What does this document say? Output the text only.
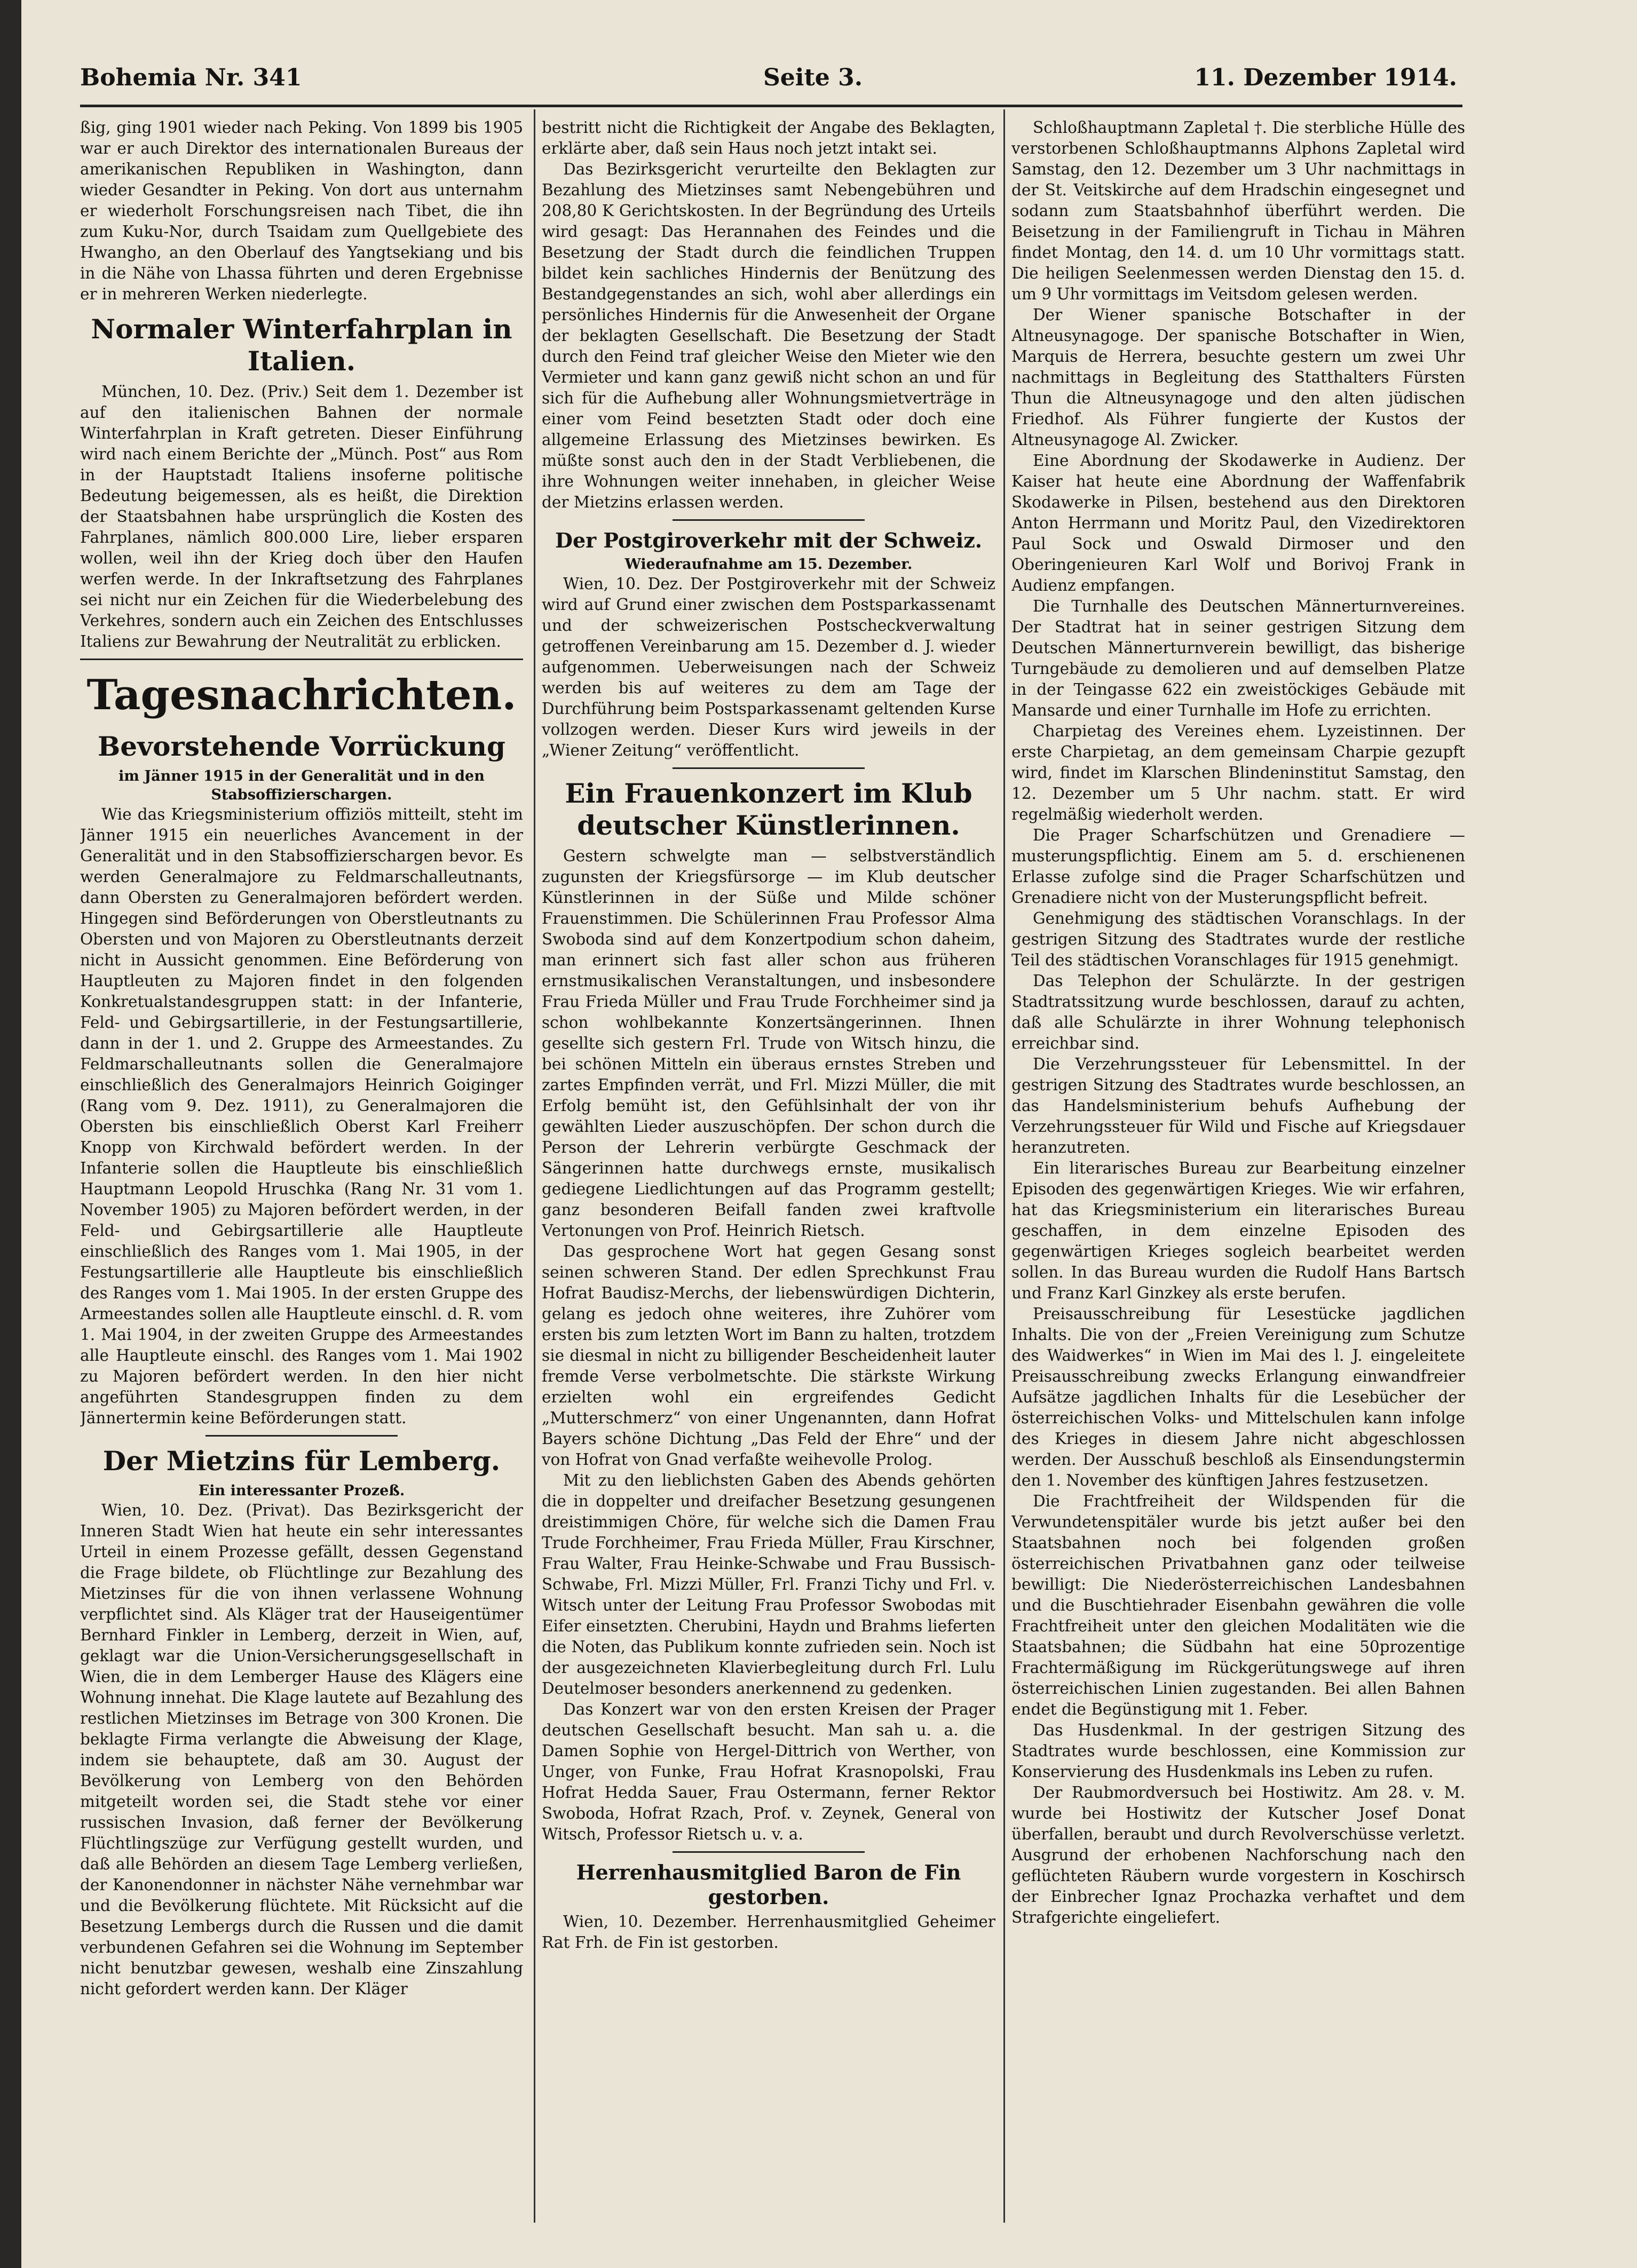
Bohemia Nr. 341	Seite 3.	11. Dezember 1914.

ßig, ging 1901 wieder nach Peking. Von 1899 bis 1905 war er auch Direktor des internationalen Bureaus der amerikanischen Republiken in Washington, dann wieder Gesandter in Peking. Von dort aus unternahm er wiederholt Forschungsreisen nach Tibet, die ihn zum Kuku-Nor, durch Tsaidam zum Quellgebiete des Hwangho, an den Oberlauf des Yangtsekiang und bis in die Nähe von Lhassa führten und deren Ergebnisse er in mehreren Werken niederlegte.

Normaler Winterfahrplan in Italien.

München, 10. Dez. (Priv.) Seit dem 1. Dezember ist auf den italienischen Bahnen der normale Winterfahrplan in Kraft getreten. Dieser Einführung wird nach einem Berichte der „Münch. Post“ aus Rom in der Hauptstadt Italiens insoferne politische Bedeutung beigemessen, als es heißt, die Direktion der Staatsbahnen habe ursprünglich die Kosten des Fahrplanes, nämlich 800.000 Lire, lieber ersparen wollen, weil ihn der Krieg doch über den Haufen werfen werde. In der Inkraftsetzung des Fahrplanes sei nicht nur ein Zeichen für die Wiederbelebung des Verkehres, sondern auch ein Zeichen des Entschlusses Italiens zur Bewahrung der Neutralität zu erblicken.

Tagesnachrichten.
Bevorstehende Vorrückung
im Jänner 1915 in der Generalität und in den Stabsoffizierschargen.

Wie das Kriegsministerium offiziös mitteilt, steht im Jänner 1915 ein neuerliches Avancement in der Generalität und in den Stabsoffizierschargen bevor. Es werden Generalmajore zu Feldmarschalleutnants, dann Obersten zu Generalmajoren befördert werden. Hingegen sind Beförderungen von Oberstleutnants zu Obersten und von Majoren zu Oberstleutnants derzeit nicht in Aussicht genommen. Eine Beförderung von Hauptleuten zu Majoren findet in den folgenden Konkretualstandesgruppen statt: in der Infanterie, Feld- und Gebirgsartillerie, in der Festungsartillerie, dann in der 1. und 2. Gruppe des Armeestandes. Zu Feldmarschalleutnants sollen die Generalmajore einschließlich des Generalmajors Heinrich Goiginger (Rang vom 9. Dez. 1911), zu Generalmajoren die Obersten bis einschließlich Oberst Karl Freiherr Knopp von Kirchwald befördert werden. In der Infanterie sollen die Hauptleute bis einschließlich Hauptmann Leopold Hruschka (Rang Nr. 31 vom 1. November 1905) zu Majoren befördert werden, in der Feld- und Gebirgsartillerie alle Hauptleute einschließlich des Ranges vom 1. Mai 1905, in der Festungsartillerie alle Hauptleute bis einschließlich des Ranges vom 1. Mai 1905. In der ersten Gruppe des Armeestandes sollen alle Hauptleute einschl. d. R. vom 1. Mai 1904, in der zweiten Gruppe des Armeestandes alle Hauptleute einschl. des Ranges vom 1. Mai 1902 zu Majoren befördert werden. In den hier nicht angeführten Standesgruppen finden zu dem Jännertermin keine Beförderungen statt.

Der Mietzins für Lemberg.
Ein interessanter Prozeß.

Wien, 10. Dez. (Privat). Das Bezirksgericht der Inneren Stadt Wien hat heute ein sehr interessantes Urteil in einem Prozesse gefällt, dessen Gegenstand die Frage bildete, ob Flüchtlinge zur Bezahlung des Mietzinses für die von ihnen verlassene Wohnung verpflichtet sind. Als Kläger trat der Hauseigentümer Bernhard Finkler in Lemberg, derzeit in Wien, auf, geklagt war die Union-Versicherungsgesellschaft in Wien, die in dem Lemberger Hause des Klägers eine Wohnung innehat. Die Klage lautete auf Bezahlung des restlichen Mietzinses im Betrage von 300 Kronen. Die beklagte Firma verlangte die Abweisung der Klage, indem sie behauptete, daß am 30. August der Bevölkerung von Lemberg von den Behörden mitgeteilt worden sei, die Stadt stehe vor einer russischen Invasion, daß ferner der Bevölkerung Flüchtlingszüge zur Verfügung gestellt wurden, und daß alle Behörden an diesem Tage Lemberg verließen, der Kanonendonner in nächster Nähe vernehmbar war und die Bevölkerung flüchtete. Mit Rücksicht auf die Besetzung Lembergs durch die Russen und die damit verbundenen Gefahren sei die Wohnung im September nicht benutzbar gewesen, weshalb eine Zinszahlung nicht gefordert werden kann. Der Kläger

bestritt nicht die Richtigkeit der Angabe des Beklagten, erklärte aber, daß sein Haus noch jetzt intakt sei.

Das Bezirksgericht verurteilte den Beklagten zur Bezahlung des Mietzinses samt Nebengebühren und 208,80 K Gerichtskosten. In der Begründung des Urteils wird gesagt: Das Herannahen des Feindes und die Besetzung der Stadt durch die feindlichen Truppen bildet kein sachliches Hindernis der Benützung des Bestandgegenstandes an sich, wohl aber allerdings ein persönliches Hindernis für die Anwesenheit der Organe der beklagten Gesellschaft. Die Besetzung der Stadt durch den Feind traf gleicher Weise den Mieter wie den Vermieter und kann ganz gewiß nicht schon an und für sich für die Aufhebung aller Wohnungsmietverträge in einer vom Feind besetzten Stadt oder doch eine allgemeine Erlassung des Mietzinses bewirken. Es müßte sonst auch den in der Stadt Verbliebenen, die ihre Wohnungen weiter innehaben, in gleicher Weise der Mietzins erlassen werden.

Der Postgiroverkehr mit der Schweiz.
Wiederaufnahme am 15. Dezember.

Wien, 10. Dez. Der Postgiroverkehr mit der Schweiz wird auf Grund einer zwischen dem Postsparkassenamt und der schweizerischen Postscheckverwaltung getroffenen Vereinbarung am 15. Dezember d. J. wieder aufgenommen. Ueberweisungen nach der Schweiz werden bis auf weiteres zu dem am Tage der Durchführung beim Postsparkassenamt geltenden Kurse vollzogen werden. Dieser Kurs wird jeweils in der „Wiener Zeitung“ veröffentlicht.

Ein Frauenkonzert im Klub deutscher Künstlerinnen.

Gestern schwelgte man — selbstverständlich zugunsten der Kriegsfürsorge — im Klub deutscher Künstlerinnen in der Süße und Milde schöner Frauenstimmen. Die Schülerinnen Frau Professor Alma Swoboda sind auf dem Konzertpodium schon daheim, man erinnert sich fast aller schon aus früheren ernstmusikalischen Veranstaltungen, und insbesondere Frau Frieda Müller und Frau Trude Forchheimer sind ja schon wohlbekannte Konzertsängerinnen. Ihnen gesellte sich gestern Frl. Trude von Witsch hinzu, die bei schönen Mitteln ein überaus ernstes Streben und zartes Empfinden verrät, und Frl. Mizzi Müller, die mit Erfolg bemüht ist, den Gefühlsinhalt der von ihr gewählten Lieder auszuschöpfen. Der schon durch die Person der Lehrerin verbürgte Geschmack der Sängerinnen hatte durchwegs ernste, musikalisch gediegene Liedlichtungen auf das Programm gestellt; ganz besonderen Beifall fanden zwei kraftvolle Vertonungen von Prof. Heinrich Rietsch.

Das gesprochene Wort hat gegen Gesang sonst seinen schweren Stand. Der edlen Sprechkunst Frau Hofrat Baudisz-Merchs, der liebenswürdigen Dichterin, gelang es jedoch ohne weiteres, ihre Zuhörer vom ersten bis zum letzten Wort im Bann zu halten, trotzdem sie diesmal in nicht zu billigender Bescheidenheit lauter fremde Verse verbolmetschte. Die stärkste Wirkung erzielten wohl ein ergreifendes Gedicht „Mutterschmerz“ von einer Ungenannten, dann Hofrat Bayers schöne Dichtung „Das Feld der Ehre“ und der von Hofrat von Gnad verfaßte weihevolle Prolog.

Mit zu den lieblichsten Gaben des Abends gehörten die in doppelter und dreifacher Besetzung gesungenen dreistimmigen Chöre, für welche sich die Damen Frau Trude Forchheimer, Frau Frieda Müller, Frau Kirschner, Frau Walter, Frau Heinke-Schwabe und Frau Bussisch-Schwabe, Frl. Mizzi Müller, Frl. Franzi Tichy und Frl. v. Witsch unter der Leitung Frau Professor Swobodas mit Eifer einsetzten. Cherubini, Haydn und Brahms lieferten die Noten, das Publikum konnte zufrieden sein. Noch ist der ausgezeichneten Klavierbegleitung durch Frl. Lulu Deutelmoser besonders anerkennend zu gedenken.

Das Konzert war von den ersten Kreisen der Prager deutschen Gesellschaft besucht. Man sah u. a. die Damen Sophie von Hergel-Dittrich von Werther, von Unger, von Funke, Frau Hofrat Krasnopolski, Frau Hofrat Hedda Sauer, Frau Ostermann, ferner Rektor Swoboda, Hofrat Rzach, Prof. v. Zeynek, General von Witsch, Professor Rietsch u. v. a.

Herrenhausmitglied Baron de Fin gestorben.

Wien, 10. Dezember. Herrenhausmitglied Geheimer Rat Frh. de Fin ist gestorben.

Schloßhauptmann Zapletal †. Die sterbliche Hülle des verstorbenen Schloßhauptmanns Alphons Zapletal wird Samstag, den 12. Dezember um 3 Uhr nachmittags in der St. Veitskirche auf dem Hradschin eingesegnet und sodann zum Staatsbahnhof überführt werden. Die Beisetzung in der Familiengruft in Tichau in Mähren findet Montag, den 14. d. um 10 Uhr vormittags statt. Die heiligen Seelenmessen werden Dienstag den 15. d. um 9 Uhr vormittags im Veitsdom gelesen werden.

Der Wiener spanische Botschafter in der Altneusynagoge. Der spanische Botschafter in Wien, Marquis de Herrera, besuchte gestern um zwei Uhr nachmittags in Begleitung des Statthalters Fürsten Thun die Altneusynagoge und den alten jüdischen Friedhof. Als Führer fungierte der Kustos der Altneusynagoge Al. Zwicker.

Eine Abordnung der Skodawerke in Audienz. Der Kaiser hat heute eine Abordnung der Waffenfabrik Skodawerke in Pilsen, bestehend aus den Direktoren Anton Herrmann und Moritz Paul, den Vizedirektoren Paul Sock und Oswald Dirmoser und den Oberingenieuren Karl Wolf und Borivoj Frank in Audienz empfangen.

Die Turnhalle des Deutschen Männerturnvereines. Der Stadtrat hat in seiner gestrigen Sitzung dem Deutschen Männerturnverein bewilligt, das bisherige Turngebäude zu demolieren und auf demselben Platze in der Teingasse 622 ein zweistöckiges Gebäude mit Mansarde und einer Turnhalle im Hofe zu errichten.

Charpietag des Vereines ehem. Lyzeistinnen. Der erste Charpietag, an dem gemeinsam Charpie gezupft wird, findet im Klarschen Blindeninstitut Samstag, den 12. Dezember um 5 Uhr nachm. statt. Er wird regelmäßig wiederholt werden.

Die Prager Scharfschützen und Grenadiere — musterungspflichtig. Einem am 5. d. erschienenen Erlasse zufolge sind die Prager Scharfschützen und Grenadiere nicht von der Musterungspflicht befreit.

Genehmigung des städtischen Voranschlags. In der gestrigen Sitzung des Stadtrates wurde der restliche Teil des städtischen Voranschlages für 1915 genehmigt.

Das Telephon der Schulärzte. In der gestrigen Stadtratssitzung wurde beschlossen, darauf zu achten, daß alle Schulärzte in ihrer Wohnung telephonisch erreichbar sind.

Die Verzehrungssteuer für Lebensmittel. In der gestrigen Sitzung des Stadtrates wurde beschlossen, an das Handelsministerium behufs Aufhebung der Verzehrungssteuer für Wild und Fische auf Kriegsdauer heranzutreten.

Ein literarisches Bureau zur Bearbeitung einzelner Episoden des gegenwärtigen Krieges. Wie wir erfahren, hat das Kriegsministerium ein literarisches Bureau geschaffen, in dem einzelne Episoden des gegenwärtigen Krieges sogleich bearbeitet werden sollen. In das Bureau wurden die Rudolf Hans Bartsch und Franz Karl Ginzkey als erste berufen.

Preisausschreibung für Lesestücke jagdlichen Inhalts. Die von der „Freien Vereinigung zum Schutze des Waidwerkes“ in Wien im Mai des l. J. eingeleitete Preisausschreibung zwecks Erlangung einwandfreier Aufsätze jagdlichen Inhalts für die Lesebücher der österreichischen Volks- und Mittelschulen kann infolge des Krieges in diesem Jahre nicht abgeschlossen werden. Der Ausschuß beschloß als Einsendungstermin den 1. November des künftigen Jahres festzusetzen.

Die Frachtfreiheit der Wildspenden für die Verwundetenspitäler wurde bis jetzt außer bei den Staatsbahnen noch bei folgenden großen österreichischen Privatbahnen ganz oder teilweise bewilligt: Die Niederösterreichischen Landesbahnen und die Buschtiehrader Eisenbahn gewähren die volle Frachtfreiheit unter den gleichen Modalitäten wie die Staatsbahnen; die Südbahn hat eine 50prozentige Frachtermäßigung im Rückgerütungswege auf ihren österreichischen Linien zugestanden. Bei allen Bahnen endet die Begünstigung mit 1. Feber.

Das Husdenkmal. In der gestrigen Sitzung des Stadtrates wurde beschlossen, eine Kommission zur Konservierung des Husdenkmals ins Leben zu rufen.

Der Raubmordversuch bei Hostiwitz. Am 28. v. M. wurde bei Hostiwitz der Kutscher Josef Donat überfallen, beraubt und durch Revolverschüsse verletzt. Ausgrund der erhobenen Nachforschung nach den geflüchteten Räubern wurde vorgestern in Koschirsch der Einbrecher Ignaz Prochazka verhaftet und dem Strafgerichte eingeliefert.
